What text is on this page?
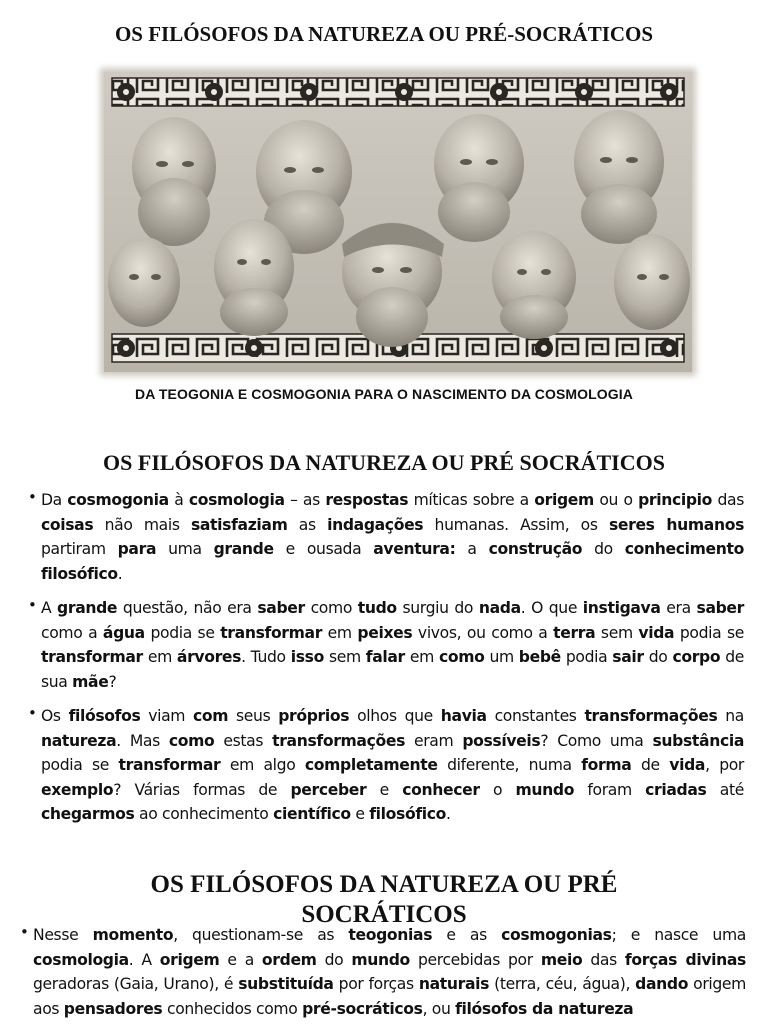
OS FILÓSOFOS DA NATUREZA OU PRÉ-SOCRÁTICOS

DA TEOGONIA E COSMOGONIA PARA O NASCIMENTO DA COSMOLOGIA

OS FILÓSOFOS DA NATUREZA OU PRÉ SOCRÁTICOS
• Da cosmogonia à cosmologia – as respostas míticas sobre a origem ou o principio das coisas não mais satisfaziam as indagações humanas. Assim, os seres humanos partiram para uma grande e ousada aventura: a construção do conhecimento filosófico.
• A grande questão, não era saber como tudo surgiu do nada. O que instigava era saber como a água podia se transformar em peixes vivos, ou como a terra sem vida podia se transformar em árvores. Tudo isso sem falar em como um bebê podia sair do corpo de sua mãe?
• Os filósofos viam com seus próprios olhos que havia constantes transformações na natureza. Mas como estas transformações eram possíveis? Como uma substância podia se transformar em algo completamente diferente, numa forma de vida, por exemplo? Várias formas de perceber e conhecer o mundo foram criadas até chegarmos ao conhecimento científico e filosófico.
OS FILÓSOFOS DA NATUREZA OU PRÉ SOCRÁTICOS
• Nesse momento, questionam-se as teogonias e as cosmogonias; e nasce uma cosmologia. A origem e a ordem do mundo percebidas por meio das forças divinas geradoras (Gaia, Urano), é substituída por forças naturais (terra, céu, água), dando origem aos pensadores conhecidos como pré-socráticos, ou filósofos da natureza
